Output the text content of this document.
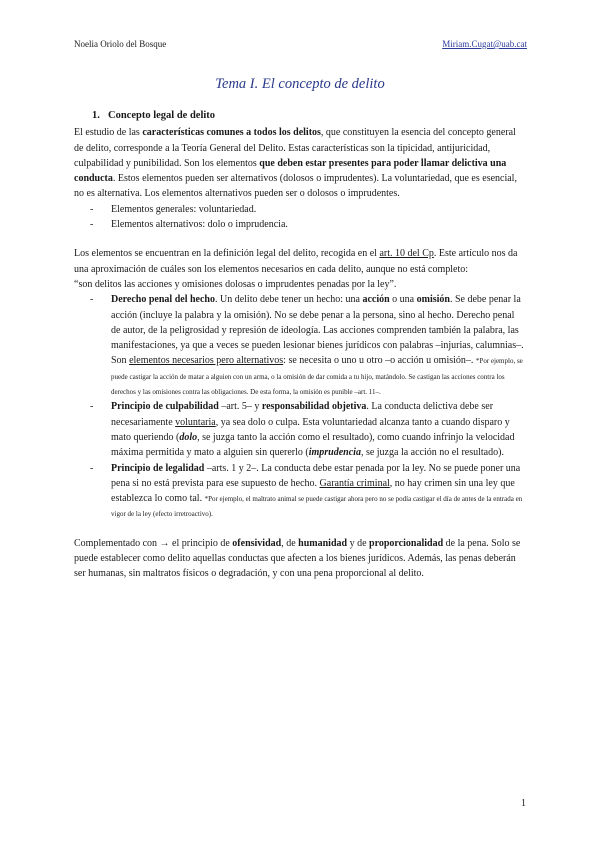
Noelia Oriolo del Bosque	Miriam.Cugat@uab.cat
Tema I. El concepto de delito

1. Concepto legal de delito

El estudio de las características comunes a todos los delitos, que constituyen la esencia del concepto general de delito, corresponde a la Teoría General del Delito. Estas características son la tipicidad, antijuricidad, culpabilidad y punibilidad. Son los elementos que deben estar presentes para poder llamar delictiva una conducta. Estos elementos pueden ser alternativos (dolosos o imprudentes). La voluntariedad, que es esencial, no es alternativa. Los elementos alternativos pueden ser o dolosos o imprudentes.

- Elementos generales: voluntariedad.
- Elementos alternativos: dolo o imprudencia.

Los elementos se encuentran en la definición legal del delito, recogida en el art. 10 del Cp. Este artículo nos da una aproximación de cuáles son los elementos necesarios en cada delito, aunque no está completo:

“son delitos las acciones y omisiones dolosas o imprudentes penadas por la ley”.

- Derecho penal del hecho. Un delito debe tener un hecho: una acción o una omisión. Se debe penar la acción (incluye la palabra y la omisión). No se debe penar a la persona, sino al hecho. Derecho penal de autor, de la peligrosidad y represión de ideología. Las acciones comprenden también la palabra, las manifestaciones, ya que a veces se pueden lesionar bienes jurídicos con palabras –injurias, calumnias–. Son elementos necesarios pero alternativos: se necesita o uno u otro –o acción u omisión–. *Por ejemplo, se puede castigar la acción de matar a alguien con un arma, o la omisión de dar comida a tu hijo, matándolo. Se castigan las acciones contra los derechos y las omisiones contra las obligaciones. De esta forma, la omisión es punible –art. 11–.
- Principio de culpabilidad –art. 5– y responsabilidad objetiva. La conducta delictiva debe ser necesariamente voluntaria, ya sea dolo o culpa. Esta voluntariedad alcanza tanto a cuando disparo y mato queriendo (dolo, se juzga tanto la acción como el resultado), como cuando infrinjo la velocidad máxima permitida y mato a alguien sin quererlo (imprudencia, se juzga la acción no el resultado).
- Principio de legalidad –arts. 1 y 2–. La conducta debe estar penada por la ley. No se puede poner una pena si no está prevista para ese supuesto de hecho. Garantía criminal, no hay crimen sin una ley que establezca lo como tal. *Por ejemplo, el maltrato animal se puede castigar ahora pero no se podía castigar el día de antes de la entrada en vigor de la ley (efecto irretroactivo).

Complementado con → el principio de ofensividad, de humanidad y de proporcionalidad de la pena. Solo se puede establecer como delito aquellas conductas que afecten a los bienes jurídicos. Además, las penas deberán ser humanas, sin maltratos físicos o degradación, y con una pena proporcional al delito.

1
